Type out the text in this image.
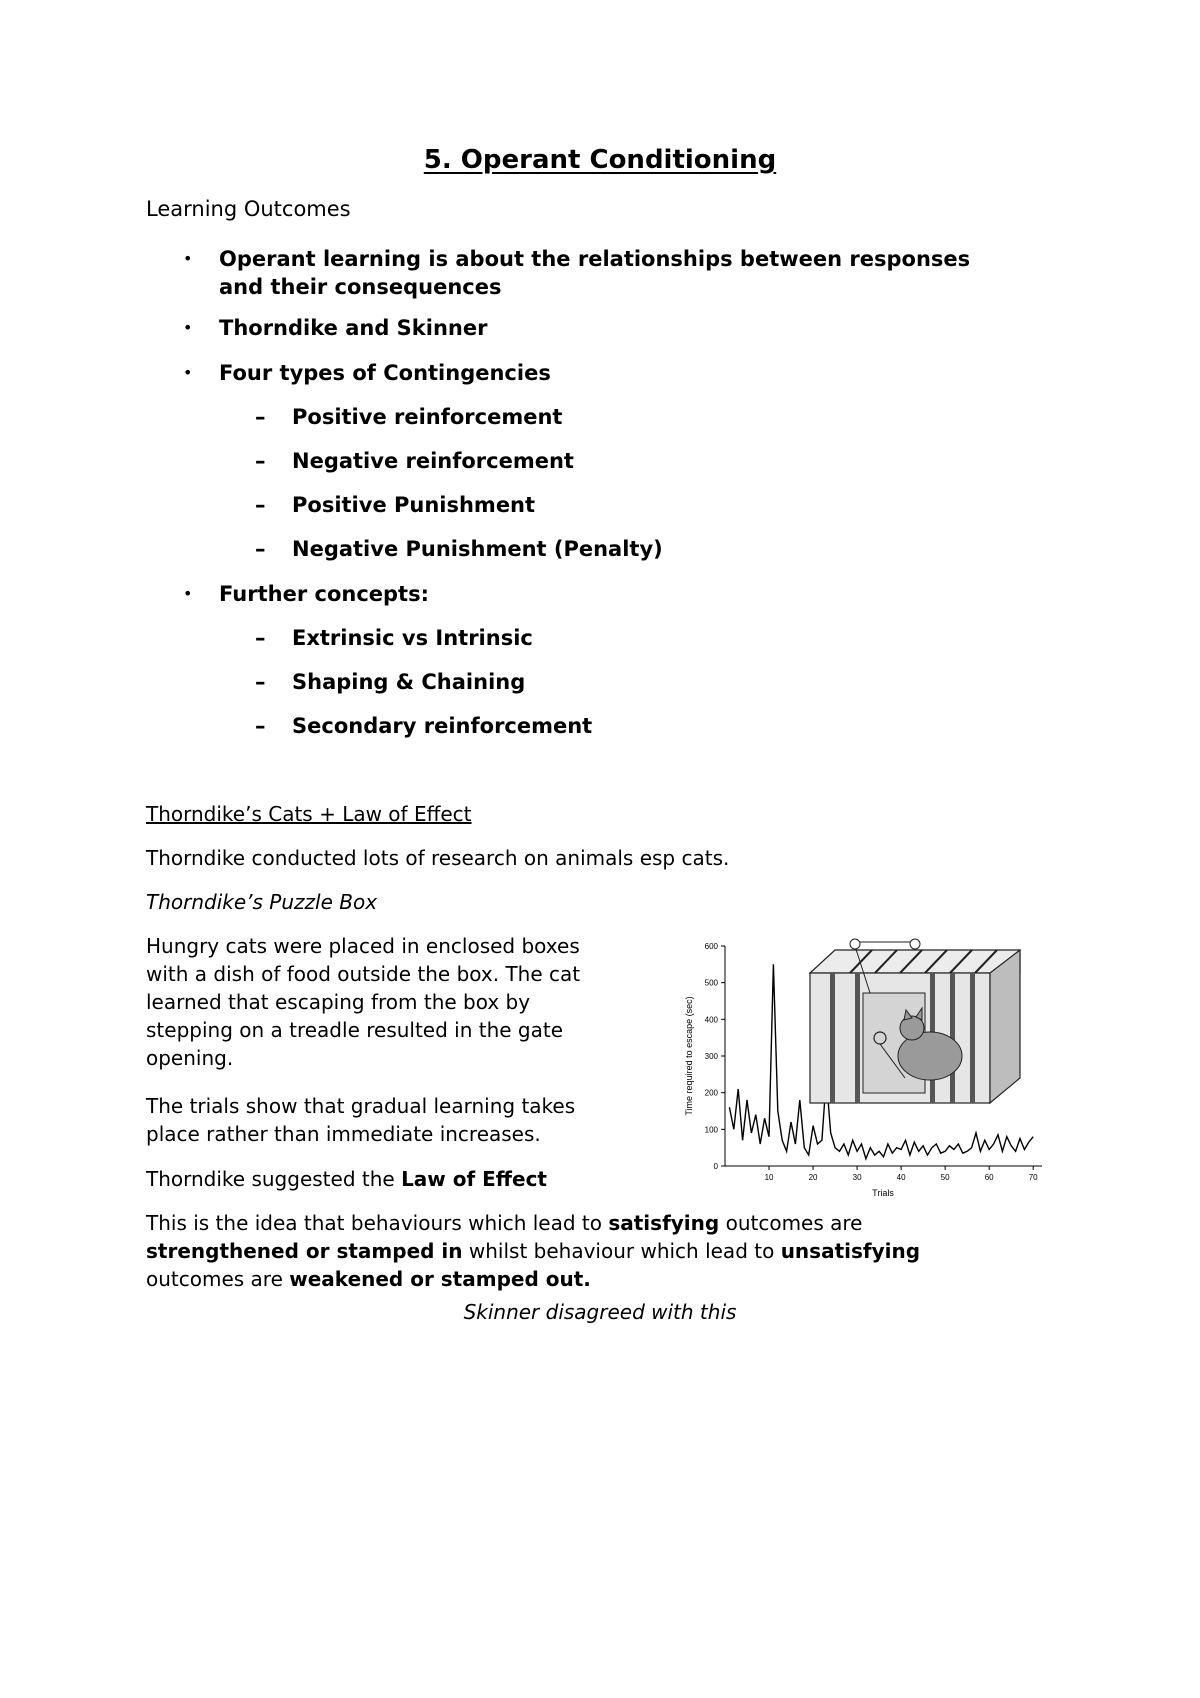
5. Operant Conditioning

Learning Outcomes

• Operant learning is about the relationships between responses
and their consequences
• Thorndike and Skinner
• Four types of Contingencies
– Positive reinforcement
– Negative reinforcement
– Positive Punishment
– Negative Punishment (Penalty)
• Further concepts:
– Extrinsic vs Intrinsic
– Shaping & Chaining
– Secondary reinforcement

Thorndike’s Cats + Law of Effect

Thorndike conducted lots of research on animals esp cats.

Thorndike’s Puzzle Box

Hungry cats were placed in enclosed boxes
with a dish of food outside the box. The cat
learned that escaping from the box by
stepping on a treadle resulted in the gate
opening.
The trials show that gradual learning takes
place rather than immediate increases.

Thorndike suggested the Law of Effect

This is the idea that behaviours which lead to satisfying outcomes are
strengthened or stamped in whilst behaviour which lead to unsatisfying
outcomes are weakened or stamped out.

Skinner disagreed with this

0
100
200
300
400
500
600
10	20	30	40	50	60	70
Time required to escape (sec)
Trials
